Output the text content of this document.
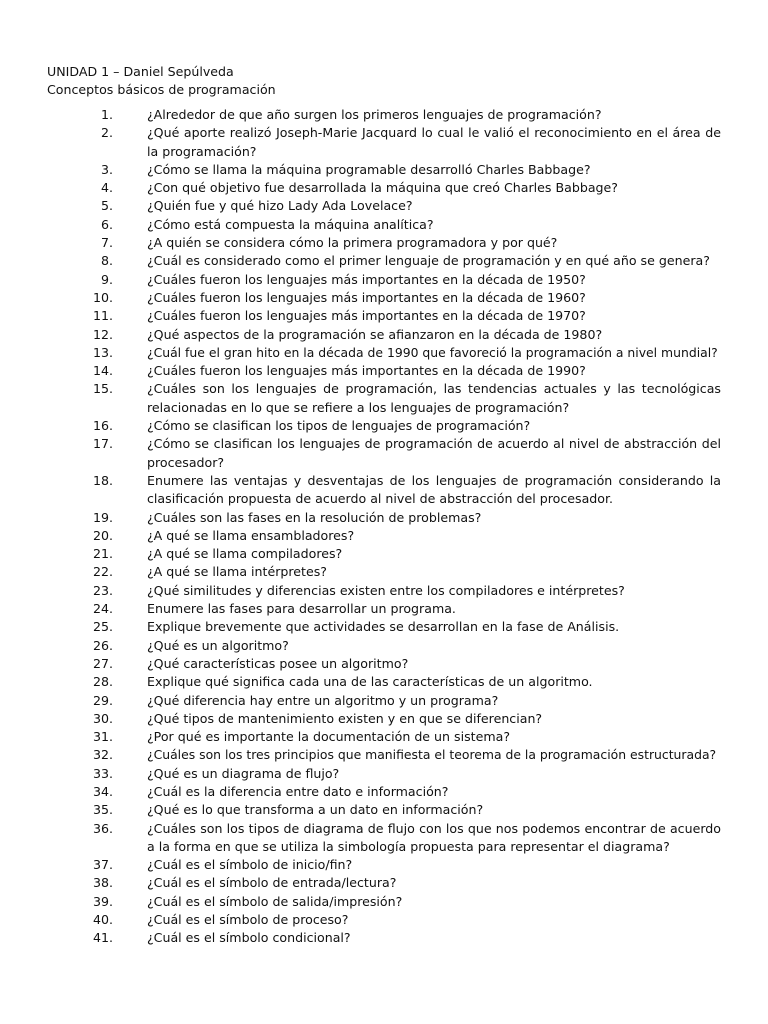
UNIDAD 1 – Daniel Sepúlveda
Conceptos básicos de programación
1.	¿Alrededor de que año surgen los primeros lenguajes de programación?
2.	¿Qué aporte realizó Joseph-Marie Jacquard lo cual le valió el reconocimiento en el área de la programación?
3.	¿Cómo se llama la máquina programable desarrolló Charles Babbage?
4.	¿Con qué objetivo fue desarrollada la máquina que creó Charles Babbage?
5.	¿Quién fue y qué hizo Lady Ada Lovelace?
6.	¿Cómo está compuesta la máquina analítica?
7.	¿A quién se considera cómo la primera programadora y por qué?
8.	¿Cuál es considerado como el primer lenguaje de programación y en qué año se genera?
9.	¿Cuáles fueron los lenguajes más importantes en la década de 1950?
10.	¿Cuáles fueron los lenguajes más importantes en la década de 1960?
11.	¿Cuáles fueron los lenguajes más importantes en la década de 1970?
12.	¿Qué aspectos de la programación se afianzaron en la década de 1980?
13.	¿Cuál fue el gran hito en la década de 1990 que favoreció la programación a nivel mundial?
14.	¿Cuáles fueron los lenguajes más importantes en la década de 1990?
15.	¿Cuáles son los lenguajes de programación, las tendencias actuales y las tecnológicas relacionadas en lo que se refiere a los lenguajes de programación?
16.	¿Cómo se clasifican los tipos de lenguajes de programación?
17.	¿Cómo se clasifican los lenguajes de programación de acuerdo al nivel de abstracción del procesador?
18.	Enumere las ventajas y desventajas de los lenguajes de programación considerando la clasificación propuesta de acuerdo al nivel de abstracción del procesador.
19.	¿Cuáles son las fases en la resolución de problemas?
20.	¿A qué se llama ensambladores?
21.	¿A qué se llama compiladores?
22.	¿A qué se llama intérpretes?
23.	¿Qué similitudes y diferencias existen entre los compiladores e intérpretes?
24.	Enumere las fases para desarrollar un programa.
25.	Explique brevemente que actividades se desarrollan en la fase de Análisis.
26.	¿Qué es un algoritmo?
27.	¿Qué características posee un algoritmo?
28.	Explique qué significa cada una de las características de un algoritmo.
29.	¿Qué diferencia hay entre un algoritmo y un programa?
30.	¿Qué tipos de mantenimiento existen y en que se diferencian?
31.	¿Por qué es importante la documentación de un sistema?
32.	¿Cuáles son los tres principios que manifiesta el teorema de la programación estructurada?
33.	¿Qué es un diagrama de flujo?
34.	¿Cuál es la diferencia entre dato e información?
35.	¿Qué es lo que transforma a un dato en información?
36.	¿Cuáles son los tipos de diagrama de flujo con los que nos podemos encontrar de acuerdo a la forma en que se utiliza la simbología propuesta para representar el diagrama?
37.	¿Cuál es el símbolo de inicio/fin?
38.	¿Cuál es el símbolo de entrada/lectura?
39.	¿Cuál es el símbolo de salida/impresión?
40.	¿Cuál es el símbolo de proceso?
41.	¿Cuál es el símbolo condicional?
